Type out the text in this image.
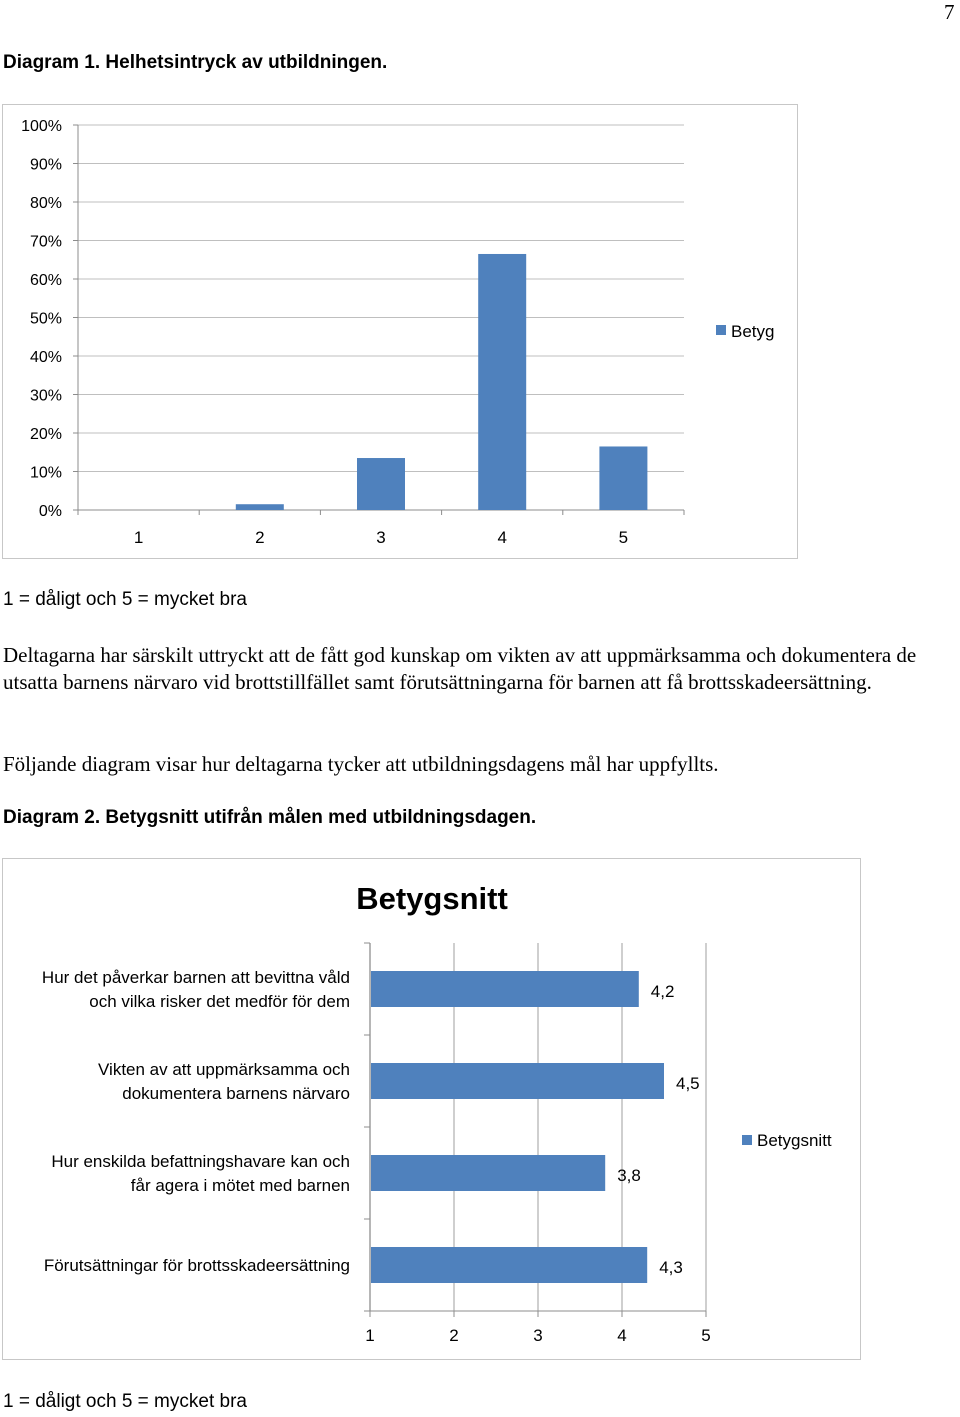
7
Diagram 1. Helhetsintryck av utbildningen.
0%
10%
20%
30%
40%
50%
60%
70%
80%
90%
100%
1	2	3	4	5
Betyg
1 = dåligt och 5 = mycket bra
Deltagarna har särskilt uttryckt att de fått god kunskap om vikten av att uppmärksamma och dokumentera de utsatta barnens närvaro vid brottstillfället samt förutsättningarna för barnen att få brottsskadeersättning.
Följande diagram visar hur deltagarna tycker att utbildningsdagens mål har uppfyllts.
Diagram 2. Betygsnitt utifrån målen med utbildningsdagen.
Betygsnitt
1	2	3	4	5
4,2
Hur det påverkar barnen att bevittna våld och vilka risker det medför för dem
4,5
Vikten av att uppmärksamma och dokumentera barnens närvaro
3,8
Hur enskilda befattningshavare kan och får agera i mötet med barnen
4,3
Förutsättningar för brottsskadeersättning
Betygsnitt
1 = dåligt och 5 = mycket bra
